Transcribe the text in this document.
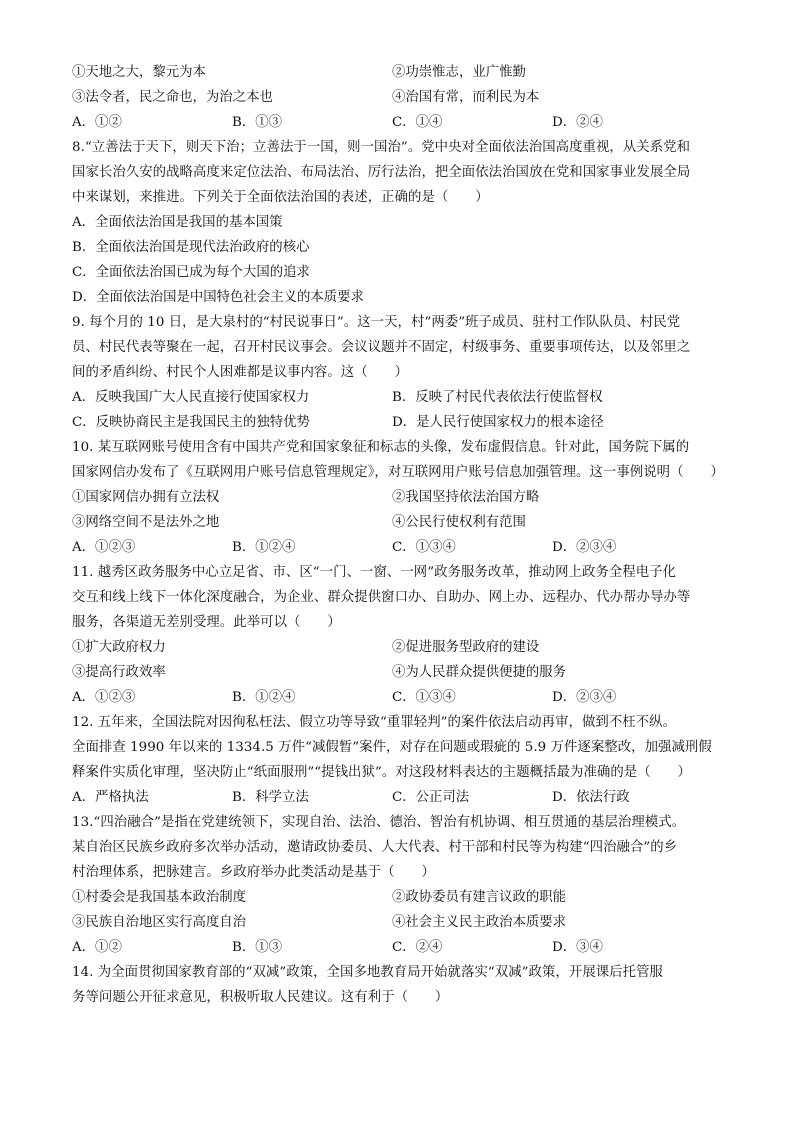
①天地之大，黎元为本	②功崇惟志，业广惟勤
③法令者，民之命也，为治之本也	④治国有常，而利民为本
A．①②	B．①③	C．①④	D．②④
8.“立善法于天下，则天下治；立善法于一国，则一国治”。党中央对全面依法治国高度重视，从关系党和
国家长治久安的战略高度来定位法治、布局法治、厉行法治，把全面依法治国放在党和国家事业发展全局
中来谋划，来推进。下列关于全面依法治国的表述，正确的是（　　）
A．全面依法治国是我国的基本国策
B．全面依法治国是现代法治政府的核心
C．全面依法治国已成为每个大国的追求
D．全面依法治国是中国特色社会主义的本质要求
9. 每个月的 10 日，是大泉村的“村民说事日”。这一天，村“两委”班子成员、驻村工作队队员、村民党
员、村民代表等聚在一起，召开村民议事会。会议议题并不固定，村级事务、重要事项传达，以及邻里之
间的矛盾纠纷、村民个人困难都是议事内容。这（　　）
A．反映我国广大人民直接行使国家权力	B．反映了村民代表依法行使监督权
C．反映协商民主是我国民主的独特优势	D．是人民行使国家权力的根本途径
10. 某互联网账号使用含有中国共产党和国家象征和标志的头像，发布虚假信息。针对此，国务院下属的
国家网信办发布了《互联网用户账号信息管理规定》，对互联网用户账号信息加强管理。这一事例说明（　　）
①国家网信办拥有立法权	②我国坚持依法治国方略
③网络空间不是法外之地	④公民行使权利有范围
A．①②③	B．①②④	C．①③④	D．②③④
11. 越秀区政务服务中心立足省、市、区“一门、一窗、一网”政务服务改革，推动网上政务全程电子化
交互和线上线下一体化深度融合，为企业、群众提供窗口办、自助办、网上办、远程办、代办帮办导办等
服务，各渠道无差别受理。此举可以（　　）
①扩大政府权力	②促进服务型政府的建设
③提高行政效率	④为人民群众提供便捷的服务
A．①②③	B．①②④	C．①③④	D．②③④
12. 五年来，全国法院对因徇私枉法、假立功等导致“重罪轻判”的案件依法启动再审，做到不枉不纵。
全面排查 1990 年以来的 1334.5 万件“减假暂”案件，对存在问题或瑕疵的 5.9 万件逐案整改，加强减刑假
释案件实质化审理，坚决防止“纸面服刑”“提钱出狱”。对这段材料表达的主题概括最为准确的是（　　）
A．严格执法	B．科学立法	C．公正司法	D．依法行政
13.“四治融合”是指在党建统领下，实现自治、法治、德治、智治有机协调、相互贯通的基层治理模式。
某自治区民族乡政府多次举办活动，邀请政协委员、人大代表、村干部和村民等为构建“四治融合”的乡
村治理体系，把脉建言。乡政府举办此类活动是基于（　　）
①村委会是我国基本政治制度	②政协委员有建言议政的职能
③民族自治地区实行高度自治	④社会主义民主政治本质要求
A．①②	B．①③	C．②④	D．③④
14. 为全面贯彻国家教育部的“双减”政策，全国多地教育局开始就落实“双减”政策，开展课后托管服
务等问题公开征求意见，积极听取人民建议。这有利于（　　）
